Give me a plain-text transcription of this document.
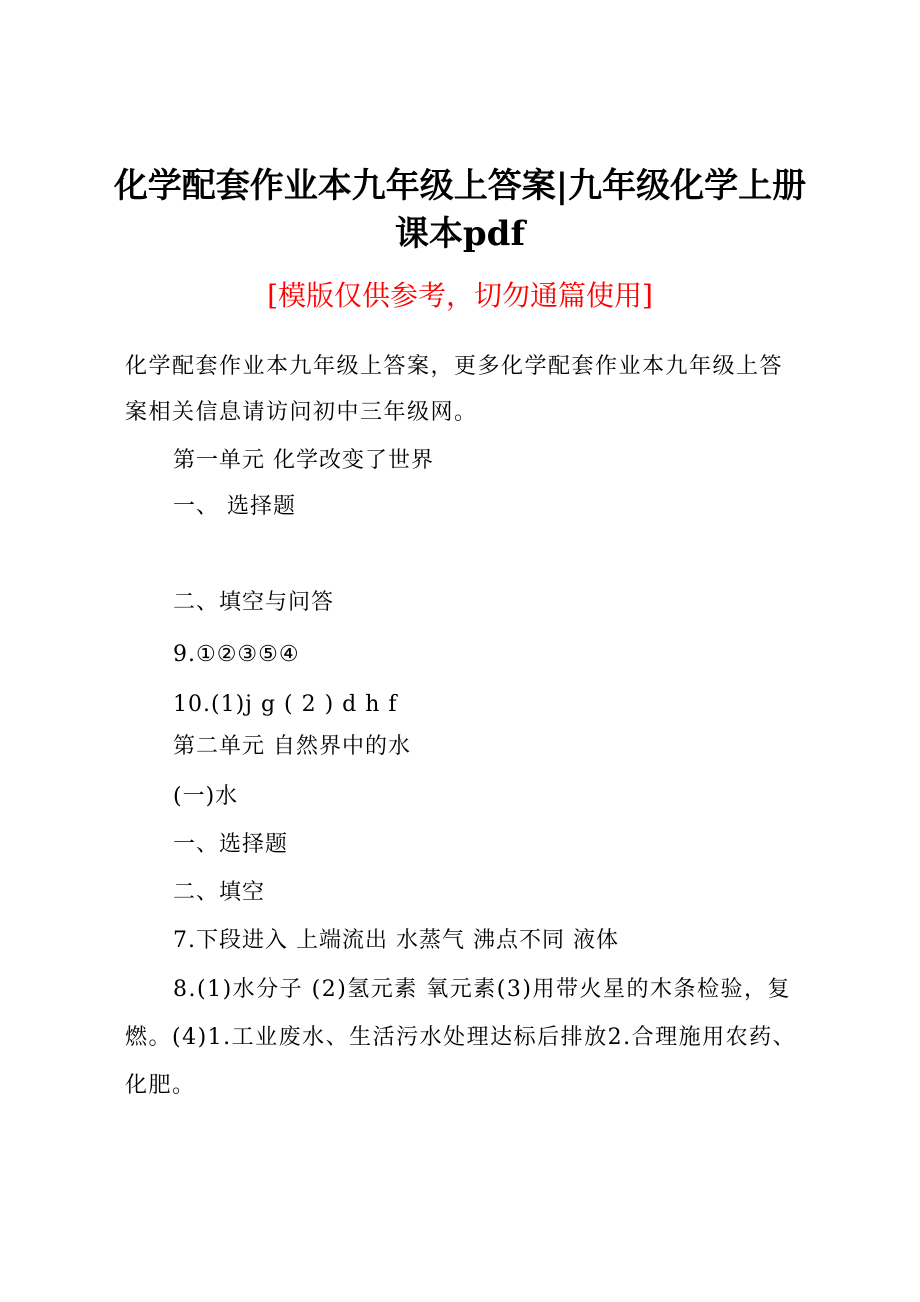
化学配套作业本九年级上答案|九年级化学上册课本pdf
[模版仅供参考，切勿通篇使用]
化学配套作业本九年级上答案，更多化学配套作业本九年级上答案相关信息请访问初中三年级网。
第一单元 化学改变了世界
一、 选择题
二、填空与问答
9.①②③⑤④
10.(1)j g ( 2 ) d h f
第二单元 自然界中的水
(一)水
一、选择题
二、填空
7.下段进入 上端流出 水蒸气 沸点不同 液体
8.(1)水分子 (2)氢元素 氧元素(3)用带火星的木条检验，复燃。(4)1.工业废水、生活污水处理达标后排放2.合理施用农药、化肥。
